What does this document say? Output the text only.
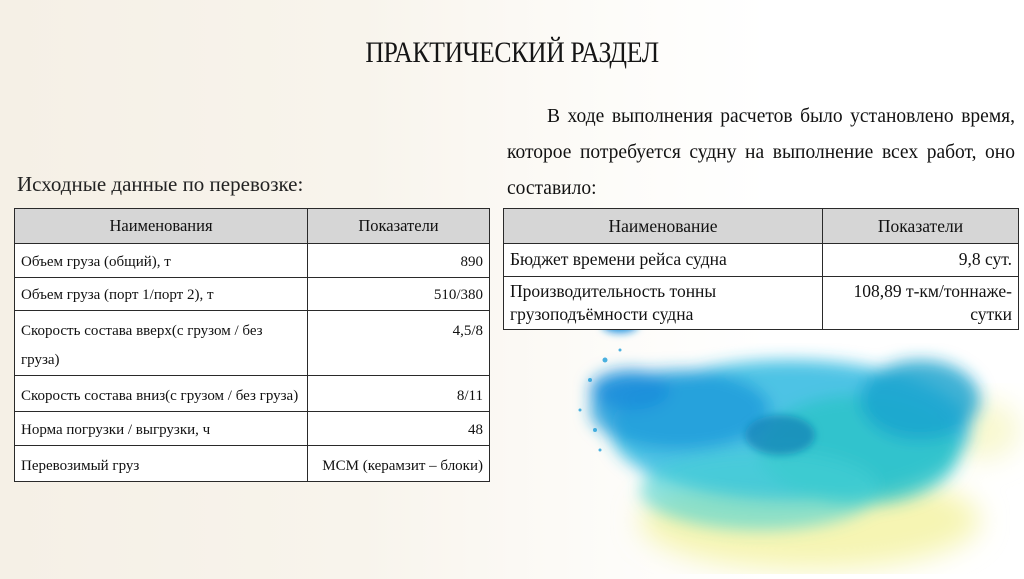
ПРАКТИЧЕСКИЙ РАЗДЕЛ
Исходные данные по перевозке:
В ходе выполнения расчетов было установлено время, которое потребуется судну на выполнение всех работ, оно составило:
Наименования	Показатели
Объем груза (общий), т	890
Объем груза (порт 1/порт 2), т	510/380
Скорость состава вверх(с грузом / без груза)	4,5/8
Скорость состава вниз(с грузом / без груза)	8/11
Норма погрузки / выгрузки, ч	48
Перевозимый груз	МСМ (керамзит – блоки)
Наименование	Показатели
Бюджет времени рейса судна	9,8 сут.
Производительность тонны грузоподъёмности судна	108,89 т-км/тоннаже-сутки
